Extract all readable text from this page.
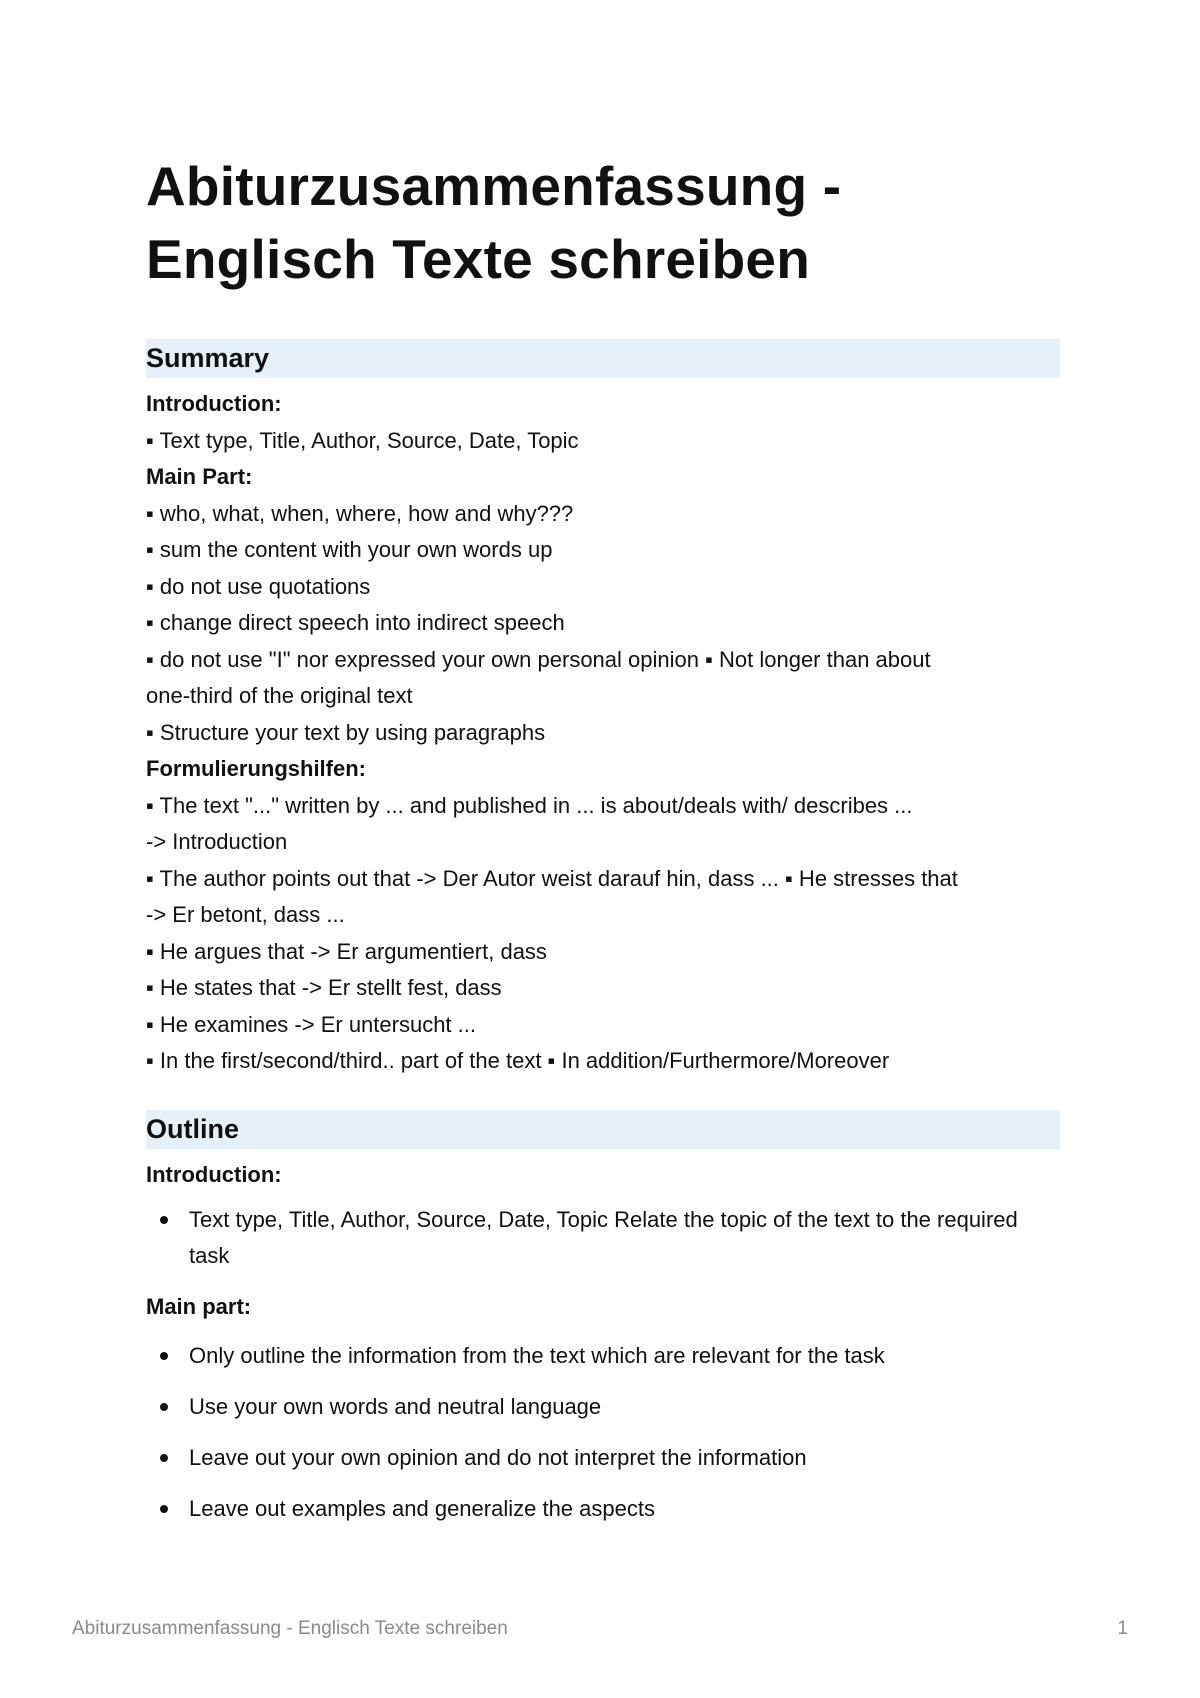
Abiturzusammenfassung -
Englisch Texte schreiben
Summary

Introduction:

▪ Text type, Title, Author, Source, Date, Topic

Main Part:

▪ who, what, when, where, how and why???

▪ sum the content with your own words up

▪ do not use quotations

▪ change direct speech into indirect speech

▪ do not use "I" nor expressed your own personal opinion ▪ Not longer than about

one-third of the original text

▪ Structure your text by using paragraphs

Formulierungshilfen:

▪ The text "..." written by ... and published in ... is about/deals with/ describes ...

-> Introduction

▪ The author points out that -> Der Autor weist darauf hin, dass ... ▪ He stresses that

-> Er betont, dass ...

▪ He argues that -> Er argumentiert, dass

▪ He states that -> Er stellt fest, dass

▪ He examines -> Er untersucht ...

▪ In the first/second/third.. part of the text ▪ In addition/Furthermore/Moreover

Outline

Introduction:

Text type, Title, Author, Source, Date, Topic Relate the topic of the text to the required task

Main part:

Only outline the information from the text which are relevant for the task
Use your own words and neutral language
Leave out your own opinion and do not interpret the information
Leave out examples and generalize the aspects
Abiturzusammenfassung - Englisch Texte schreiben	1
